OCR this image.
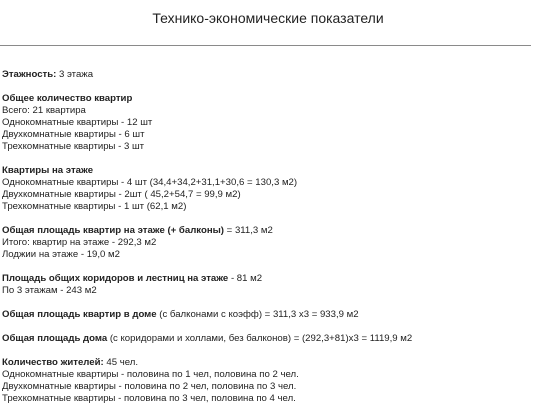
Технико-экономические показатели
Этажность: 3 этажа
Общее количество квартир
Всего: 21 квартира
Однокомнатные квартиры - 12 шт
Двухкомнатные квартиры - 6 шт
Трехкомнатные квартиры - 3 шт
Квартиры на этаже
Однокомнатные квартиры - 4 шт (34,4+34,2+31,1+30,6 = 130,3 м2)
Двухкомнатные квартиры - 2шт ( 45,2+54,7 = 99,9 м2)
Трехкомнатные квартиры - 1 шт (62,1 м2)
Общая площадь квартир на этаже (+ балконы) = 311,3 м2
Итого: квартир на этаже - 292,3 м2
Лоджии на этаже - 19,0 м2
Площадь общих коридоров и лестниц на этаже - 81 м2
По 3 этажам - 243 м2
Общая площадь квартир в доме (с балконами с коэфф) = 311,3 х3 = 933,9 м2
Общая площадь дома (с коридорами и холлами, без балконов) = (292,3+81)х3 = 1119,9 м2
Количество жителей: 45 чел.
Однокомнатные квартиры - половина по 1 чел, половина по 2 чел.
Двухкомнатные квартиры - половина по 2 чел, половина по 3 чел.
Трехкомнатные квартиры - половина по 3 чел, половина по 4 чел.
